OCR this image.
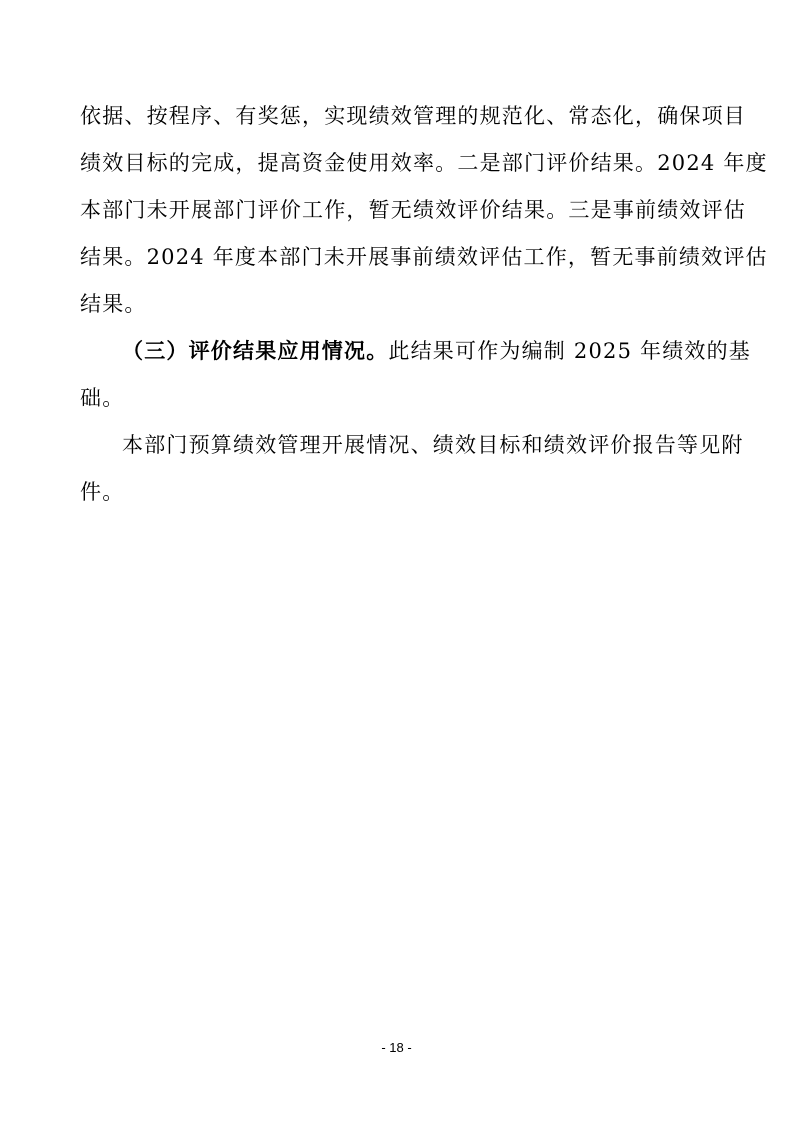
依据、按程序、有奖惩，实现绩效管理的规范化、常态化，确保项目
绩效目标的完成，提高资金使用效率。二是部门评价结果。2024 年度
本部门未开展部门评价工作，暂无绩效评价结果。三是事前绩效评估
结果。2024 年度本部门未开展事前绩效评估工作，暂无事前绩效评估
结果。
（三）评价结果应用情况。此结果可作为编制 2025 年绩效的基
础。
本部门预算绩效管理开展情况、绩效目标和绩效评价报告等见附
件。
- 18 -
